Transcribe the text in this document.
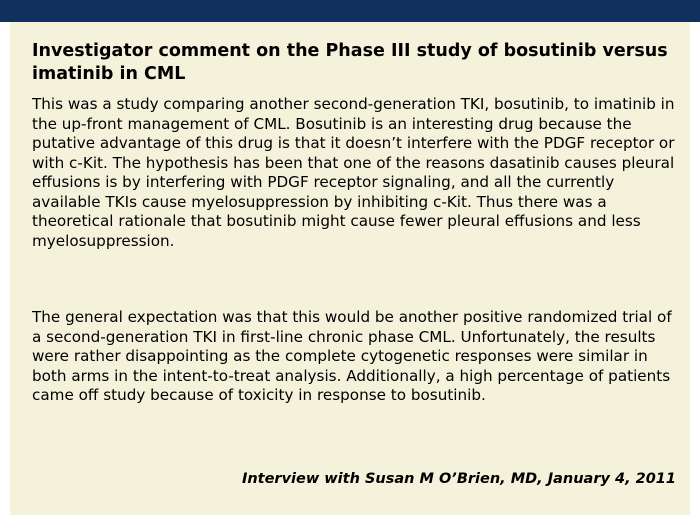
Investigator comment on the Phase III study of bosutinib versus imatinib in CML

This was a study comparing another second-generation TKI, bosutinib, to imatinib in the up-front management of CML. Bosutinib is an interesting drug because the putative advantage of this drug is that it doesn’t interfere with the PDGF receptor or with c-Kit. The hypothesis has been that one of the reasons dasatinib causes pleural effusions is by interfering with PDGF receptor signaling, and all the currently available TKIs cause myelosuppression by inhibiting c-Kit. Thus there was a theoretical rationale that bosutinib might cause fewer pleural effusions and less myelosuppression.

The general expectation was that this would be another positive randomized trial of a second-generation TKI in first-line chronic phase CML. Unfortunately, the results were rather disappointing as the complete cytogenetic responses were similar in both arms in the intent-to-treat analysis. Additionally, a high percentage of patients came off study because of toxicity in response to bosutinib.

Interview with Susan M O’Brien, MD, January 4, 2011
